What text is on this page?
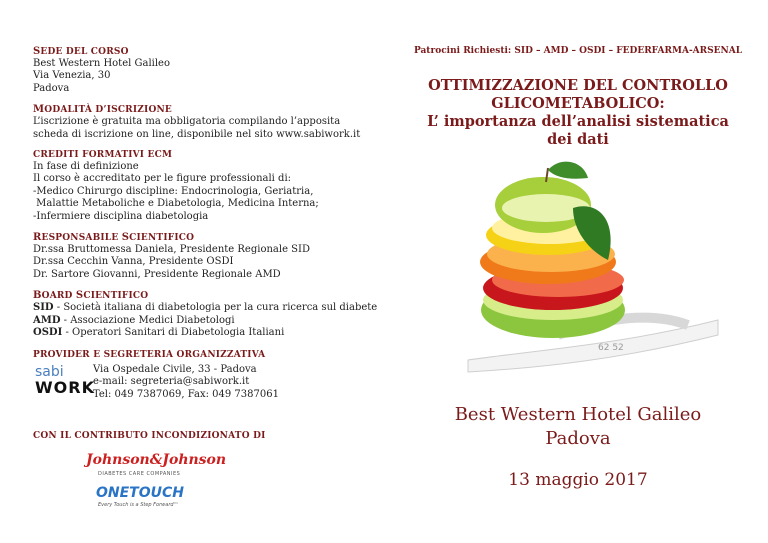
SEDE DEL CORSO
Best Western Hotel Galileo
Via Venezia, 30
Padova
MODALITÀ D’ISCRIZIONE
L’iscrizione è gratuita ma obbligatoria compilando l’apposita
scheda di iscrizione on line, disponibile nel sito www.sabiwork.it
CREDITI FORMATIVI ECM
In fase di definizione
Il corso è accreditato per le figure professionali di:
-Medico Chirurgo discipline: Endocrinologia, Geriatria,
Malattie Metaboliche e Diabetologia, Medicina Interna;
-Infermiere disciplina diabetologia
RESPONSABILE SCIENTIFICO
Dr.ssa Bruttomessa Daniela, Presidente Regionale SID
Dr.ssa Cecchin Vanna, Presidente OSDI
Dr. Sartore Giovanni, Presidente Regionale AMD
BOARD SCIENTIFICO
SID - Società italiana di diabetologia per la cura ricerca sul diabete
AMD - Associazione Medici Diabetologi
OSDI - Operatori Sanitari di Diabetologia Italiani
PROVIDER E SEGRETERIA ORGANIZZATIVA
sabi
WORK
Via Ospedale Civile, 33 - Padova
e-mail: segreteria@sabiwork.it
Tel: 049 7387069, Fax: 049 7387061
CON IL CONTRIBUTO INCONDIZIONATO DI
Johnson&Johnson
DIABETES CARE COMPANIES
ONETOUCH
Every Touch is a Step Forward™
Patrocini Richiesti: SID – AMD – OSDI – FEDERFARMA-ARSENAL
OTTIMIZZAZIONE DEL CONTROLLO
GLICOMETABOLICO:
L’ importanza dell’analisi sistematica
dei dati
62 52
Best Western Hotel Galileo
Padova
13 maggio 2017
